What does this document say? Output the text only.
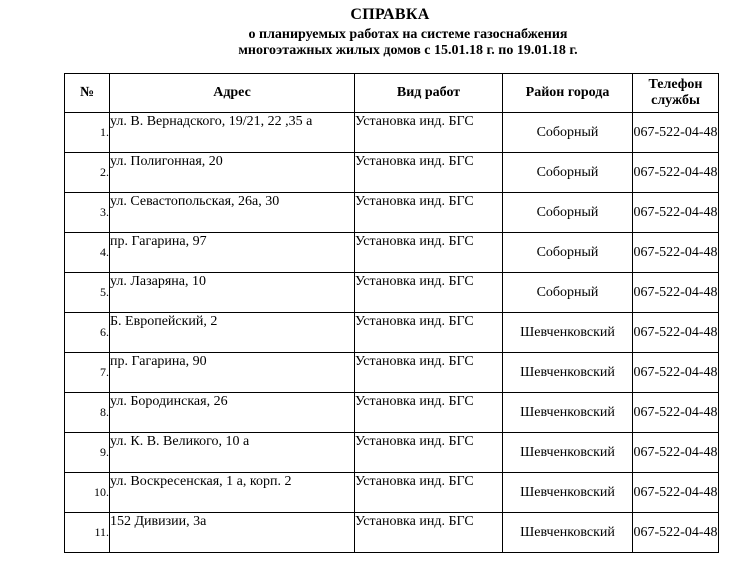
СПРАВКА
о планируемых работах на системе газоснабжения
многоэтажных жилых домов с 15.01.18 г. по 19.01.18 г.
№	Адрес	Вид работ	Район города	Телефон службы
1.	ул. В. Вернадского, 19/21, 22 ,35 а	Установка инд. БГС	Соборный	067-522-04-48
2.	ул. Полигонная, 20	Установка инд. БГС	Соборный	067-522-04-48
3.	ул. Севастопольская, 26а, 30	Установка инд. БГС	Соборный	067-522-04-48
4.	пр. Гагарина, 97	Установка инд. БГС	Соборный	067-522-04-48
5.	ул. Лазаряна, 10	Установка инд. БГС	Соборный	067-522-04-48
6.	Б. Европейский, 2	Установка инд. БГС	Шевченковский	067-522-04-48
7.	пр. Гагарина, 90	Установка инд. БГС	Шевченковский	067-522-04-48
8.	ул. Бородинская, 26	Установка инд. БГС	Шевченковский	067-522-04-48
9.	ул. К. В. Великого, 10 а	Установка инд. БГС	Шевченковский	067-522-04-48
10.	ул. Воскресенская, 1 а, корп. 2	Установка инд. БГС	Шевченковский	067-522-04-48
11.	152 Дивизии, 3а	Установка инд. БГС	Шевченковский	067-522-04-48
